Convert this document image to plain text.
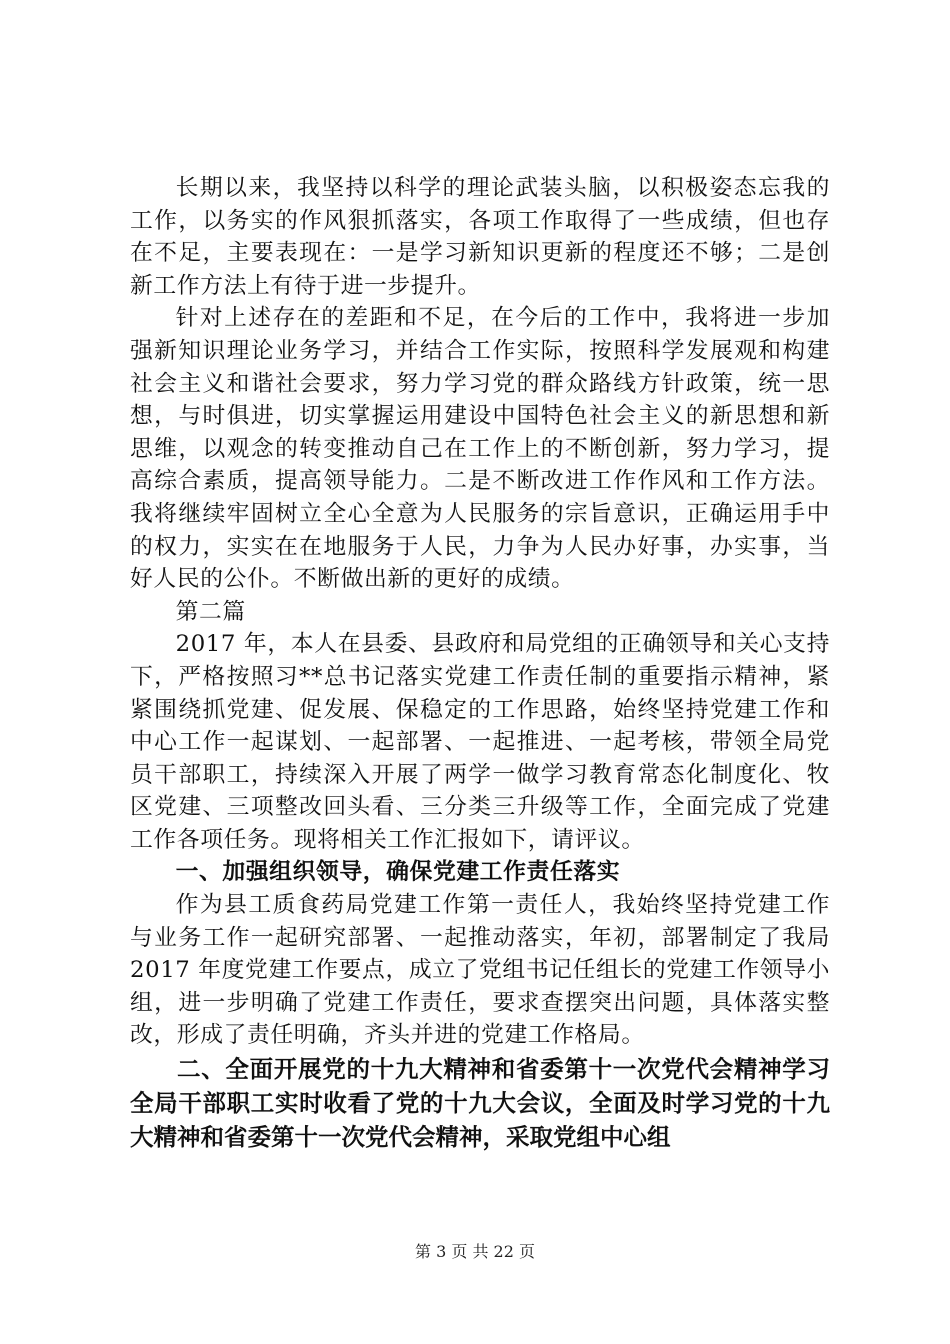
长期以来，我坚持以科学的理论武装头脑，以积极姿态忘我的工作，以务实的作风狠抓落实，各项工作取得了一些成绩，但也存在不足，主要表现在：一是学习新知识更新的程度还不够；二是创新工作方法上有待于进一步提升。

针对上述存在的差距和不足，在今后的工作中，我将进一步加强新知识理论业务学习，并结合工作实际，按照科学发展观和构建社会主义和谐社会要求，努力学习党的群众路线方针政策，统一思想，与时俱进，切实掌握运用建设中国特色社会主义的新思想和新思维，以观念的转变推动自己在工作上的不断创新，努力学习，提高综合素质，提高领导能力。二是不断改进工作作风和工作方法。我将继续牢固树立全心全意为人民服务的宗旨意识，正确运用手中的权力，实实在在地服务于人民，力争为人民办好事，办实事，当好人民的公仆。不断做出新的更好的成绩。

第二篇

2017 年，本人在县委、县政府和局党组的正确领导和关心支持下，严格按照习**总书记落实党建工作责任制的重要指示精神，紧紧围绕抓党建、促发展、保稳定的工作思路，始终坚持党建工作和中心工作一起谋划、一起部署、一起推进、一起考核，带领全局党员干部职工，持续深入开展了两学一做学习教育常态化制度化、牧区党建、三项整改回头看、三分类三升级等工作，全面完成了党建工作各项任务。现将相关工作汇报如下，请评议。

一、加强组织领导，确保党建工作责任落实

作为县工质食药局党建工作第一责任人，我始终坚持党建工作与业务工作一起研究部署、一起推动落实，年初，部署制定了我局 2017 年度党建工作要点，成立了党组书记任组长的党建工作领导小组，进一步明确了党建工作责任，要求查摆突出问题，具体落实整改，形成了责任明确，齐头并进的党建工作格局。

二、全面开展党的十九大精神和省委第十一次党代会精神学习全局干部职工实时收看了党的十九大会议，全面及时学习党的十九大精神和省委第十一次党代会精神，采取党组中心组

第 3 页 共 22 页
